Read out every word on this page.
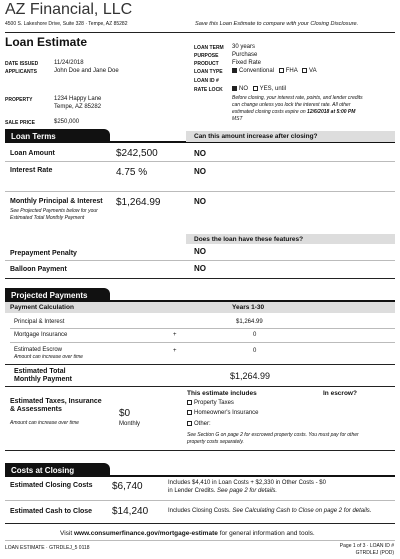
AZ Financial, LLC
4500 S. Lakeshore Drive, Suite 328 · Tempe, AZ 85282	Save this Loan Estimate to compare with your Closing Disclosure.
Loan Estimate
DATE ISSUED	11/24/2018
APPLICANTS	John Doe and Jane Doe
PROPERTY	1234 Happy Lane
Tempe, AZ 85282
SALE PRICE	$250,000
LOAN TERM 30 years
PURPOSE Purchase
PRODUCT Fixed Rate
LOAN TYPE	Conventional FHA VA
LOAN ID #
RATE LOCK	NO YES, until
Before closing, your interest rate, points, and lender credits
can change unless you lock the interest rate. All other
estimated closing costs expire on 12/6/2018 at 5:00 PM
MST
Loan Terms	Can this amount increase after closing?
Loan Amount	$242,500	NO
Interest Rate	4.75 %	NO
Monthly Principal & Interest
See Projected Payments below for your
Estimated Total Monthly Payment
$1,264.99	NO
Does the loan have these features?
Prepayment Penalty	NO
Balloon Payment	NO
Projected Payments
Payment Calculation	Years 1-30
Principal & Interest	$1,264.99
Mortgage Insurance	+	0
Estimated Escrow
Amount can increase over time
+	0
Estimated Total
Monthly Payment	$1,264.99
Estimated Taxes, Insurance
& Assessments
Amount can increase over time
$0
Monthly
This estimate includes	In escrow?
Property Taxes
Homeowner's Insurance
Other:
See Section G on page 2 for escrowed property costs. You must pay for other
property costs separately.
Costs at Closing
Estimated Closing Costs $6,740	Includes $4,410 in Loan Costs + $2,330 in Other Costs - $0
in Lender Credits. See page 2 for details.
Estimated Cash to Close $14,240	Includes Closing Costs. See Calculating Cash to Close on page 2 for details.
Visit www.consumerfinance.gov/mortgage-estimate for general information and tools.
LOAN ESTIMATE · GTRDLEJ_5 0118	Page 1 of 3 · LOAN ID #
GTRDLEJ (POD)
